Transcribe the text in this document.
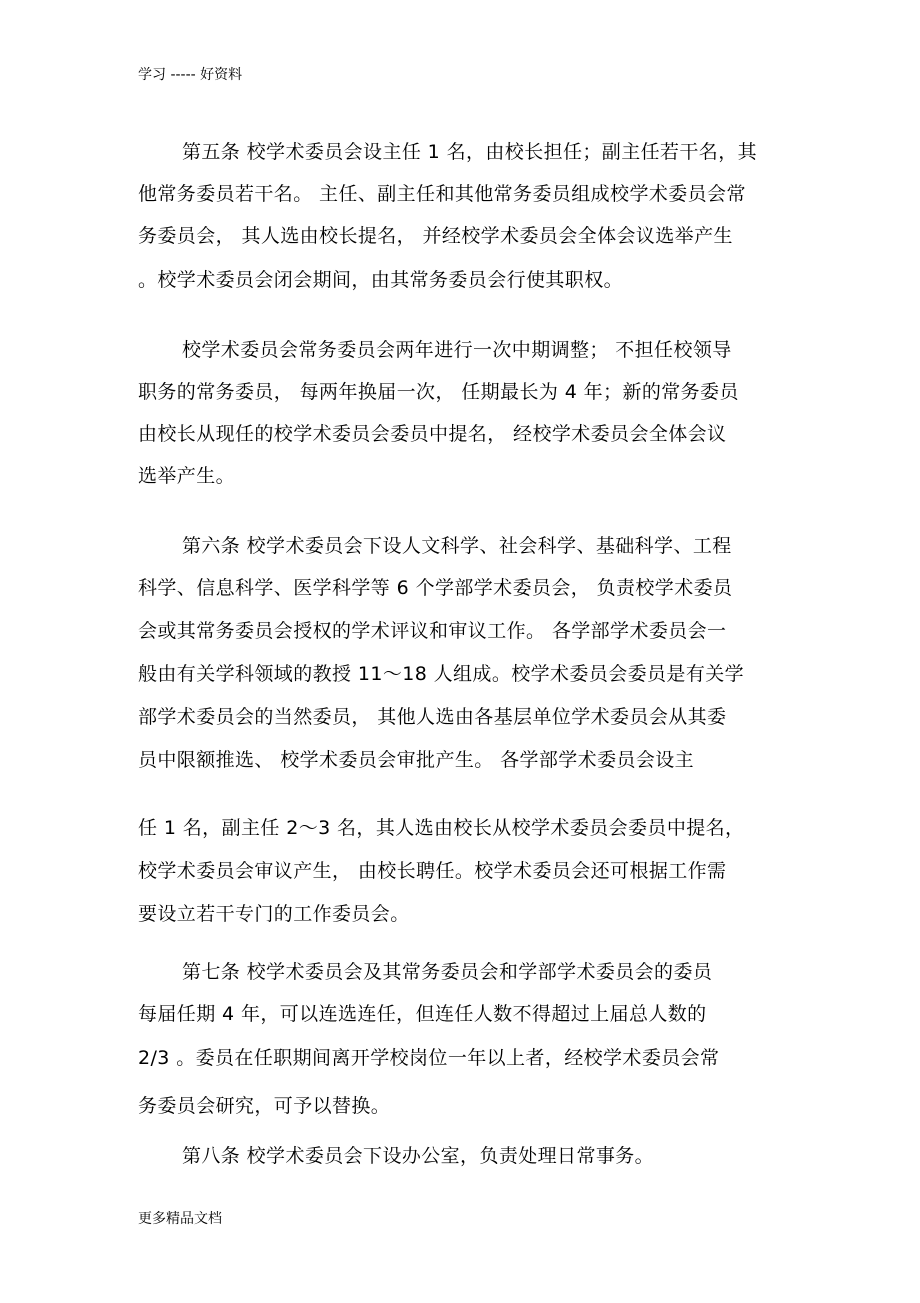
学习 ----- 好资料
第五条 校学术委员会设主任 1 名，由校长担任；副主任若干名，其
他常务委员若干名。 主任、副主任和其他常务委员组成校学术委员会常
务委员会， 其人选由校长提名， 并经校学术委员会全体会议选举产生
。校学术委员会闭会期间，由其常务委员会行使其职权。
校学术委员会常务委员会两年进行一次中期调整； 不担任校领导
职务的常务委员， 每两年换届一次， 任期最长为 4 年；新的常务委员
由校长从现任的校学术委员会委员中提名， 经校学术委员会全体会议
选举产生。
第六条 校学术委员会下设人文科学、社会科学、基础科学、工程
科学、信息科学、医学科学等 6 个学部学术委员会， 负责校学术委员
会或其常务委员会授权的学术评议和审议工作。 各学部学术委员会一
般由有关学科领域的教授 11～18 人组成。校学术委员会委员是有关学
部学术委员会的当然委员， 其他人选由各基层单位学术委员会从其委
员中限额推选、 校学术委员会审批产生。 各学部学术委员会设主
任 1 名，副主任 2～3 名，其人选由校长从校学术委员会委员中提名，
校学术委员会审议产生， 由校长聘任。校学术委员会还可根据工作需
要设立若干专门的工作委员会。
第七条 校学术委员会及其常务委员会和学部学术委员会的委员
每届任期 4 年，可以连选连任，但连任人数不得超过上届总人数的
2/3 。委员在任职期间离开学校岗位一年以上者，经校学术委员会常
务委员会研究，可予以替换。
第八条 校学术委员会下设办公室，负责处理日常事务。
更多精品文档
